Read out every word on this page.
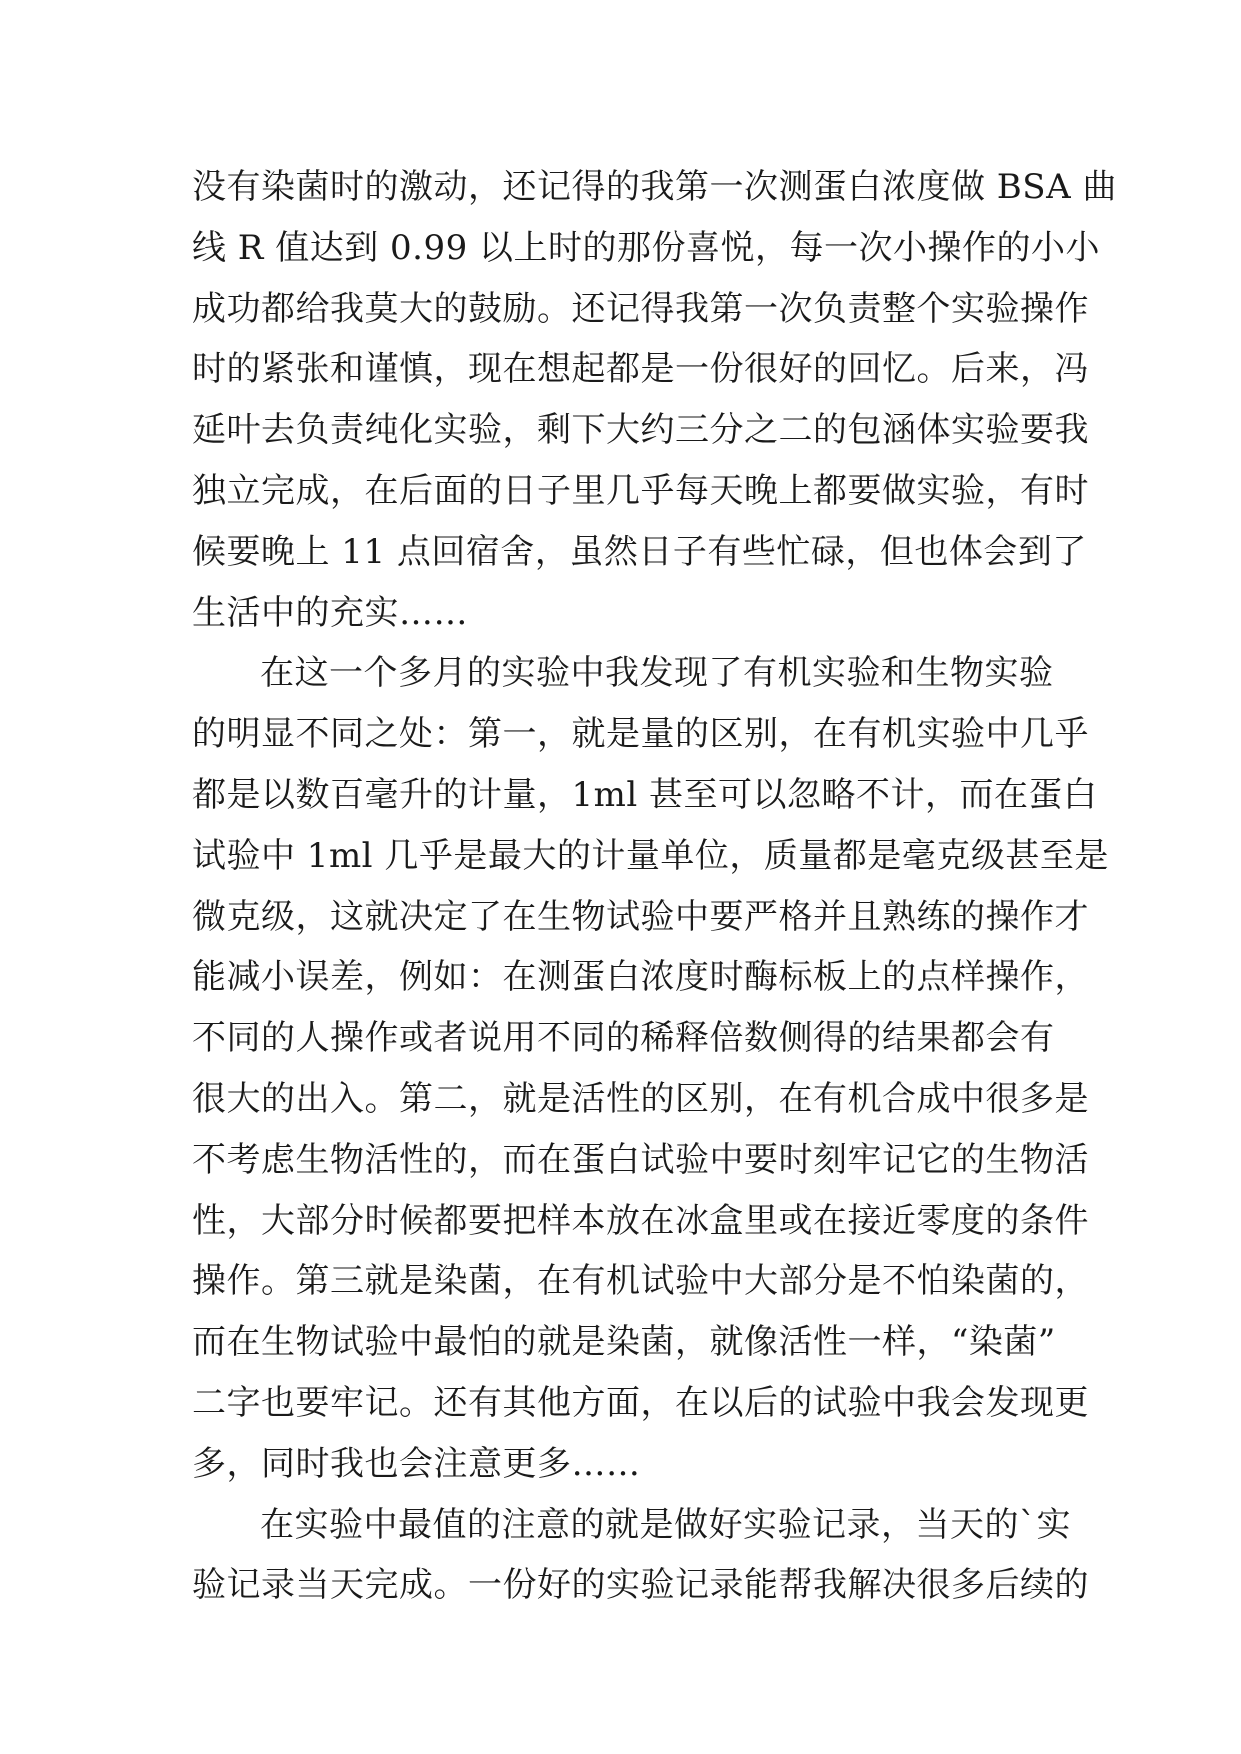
没有染菌时的激动，还记得的我第一次测蛋白浓度做 BSA 曲
线 R 值达到 0.99 以上时的那份喜悦，每一次小操作的小小
成功都给我莫大的鼓励。还记得我第一次负责整个实验操作
时的紧张和谨慎，现在想起都是一份很好的回忆。后来，冯
延叶去负责纯化实验，剩下大约三分之二的包涵体实验要我
独立完成，在后面的日子里几乎每天晚上都要做实验，有时
候要晚上 11 点回宿舍，虽然日子有些忙碌，但也体会到了
生活中的充实……
在这一个多月的实验中我发现了有机实验和生物实验
的明显不同之处：第一，就是量的区别，在有机实验中几乎
都是以数百毫升的计量，1ml 甚至可以忽略不计，而在蛋白
试验中 1ml 几乎是最大的计量单位，质量都是毫克级甚至是
微克级，这就决定了在生物试验中要严格并且熟练的操作才
能减小误差，例如：在测蛋白浓度时酶标板上的点样操作，
不同的人操作或者说用不同的稀释倍数侧得的结果都会有
很大的出入。第二，就是活性的区别，在有机合成中很多是
不考虑生物活性的，而在蛋白试验中要时刻牢记它的生物活
性，大部分时候都要把样本放在冰盒里或在接近零度的条件
操作。第三就是染菌，在有机试验中大部分是不怕染菌的，
而在生物试验中最怕的就是染菌，就像活性一样，“染菌”
二字也要牢记。还有其他方面，在以后的试验中我会发现更
多，同时我也会注意更多……
在实验中最值的注意的就是做好实验记录，当天的`实
验记录当天完成。一份好的实验记录能帮我解决很多后续的
